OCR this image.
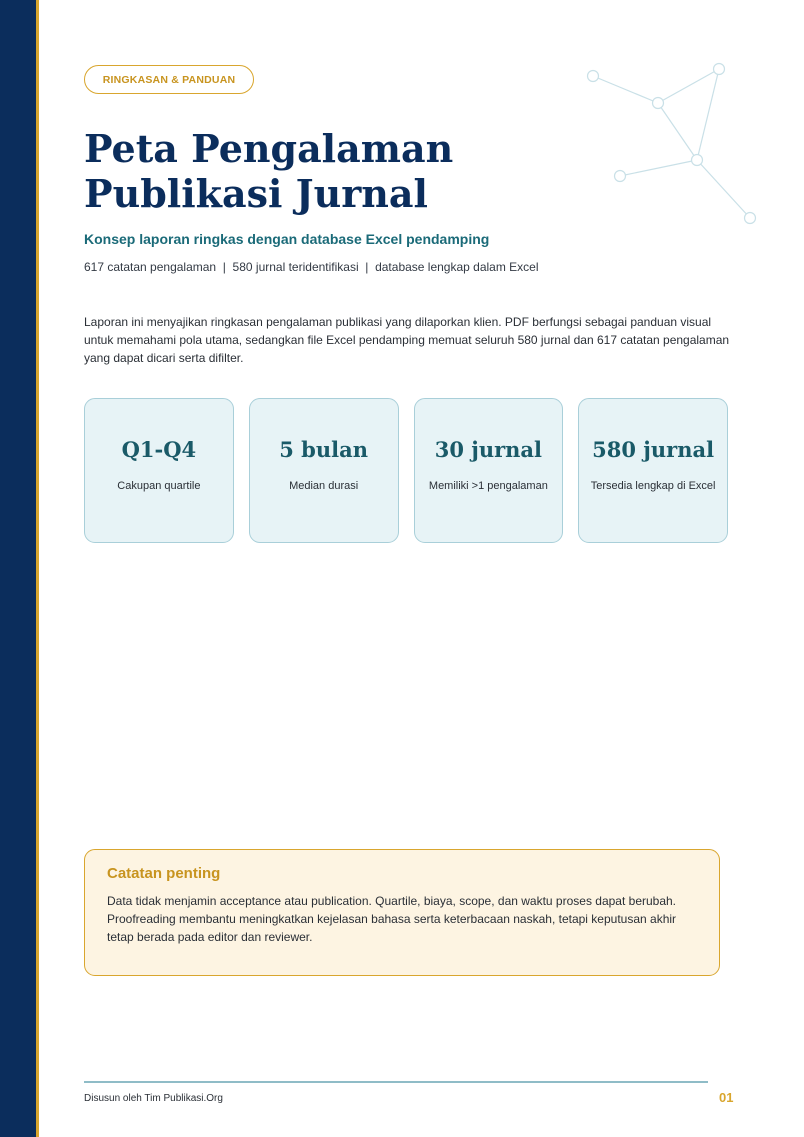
RINGKASAN & PANDUAN
Peta Pengalaman
Publikasi Jurnal
Konsep laporan ringkas dengan database Excel pendamping
617 catatan pengalaman  |  580 jurnal teridentifikasi  |  database lengkap dalam Excel

Laporan ini menyajikan ringkasan pengalaman publikasi yang dilaporkan klien. PDF berfungsi sebagai panduan visual untuk memahami pola utama, sedangkan file Excel pendamping memuat seluruh 580 jurnal dan 617 catatan pengalaman yang dapat dicari serta difilter.

Q1-Q4
Cakupan quartile
5 bulan
Median durasi
30 jurnal
Memiliki >1 pengalaman
580 jurnal
Tersedia lengkap di Excel

Catatan penting

Data tidak menjamin acceptance atau publication. Quartile, biaya, scope, dan waktu proses dapat berubah. Proofreading membantu meningkatkan kejelasan bahasa serta keterbacaan naskah, tetapi keputusan akhir tetap berada pada editor dan reviewer.

Disusun oleh Tim Publikasi.Org	01
